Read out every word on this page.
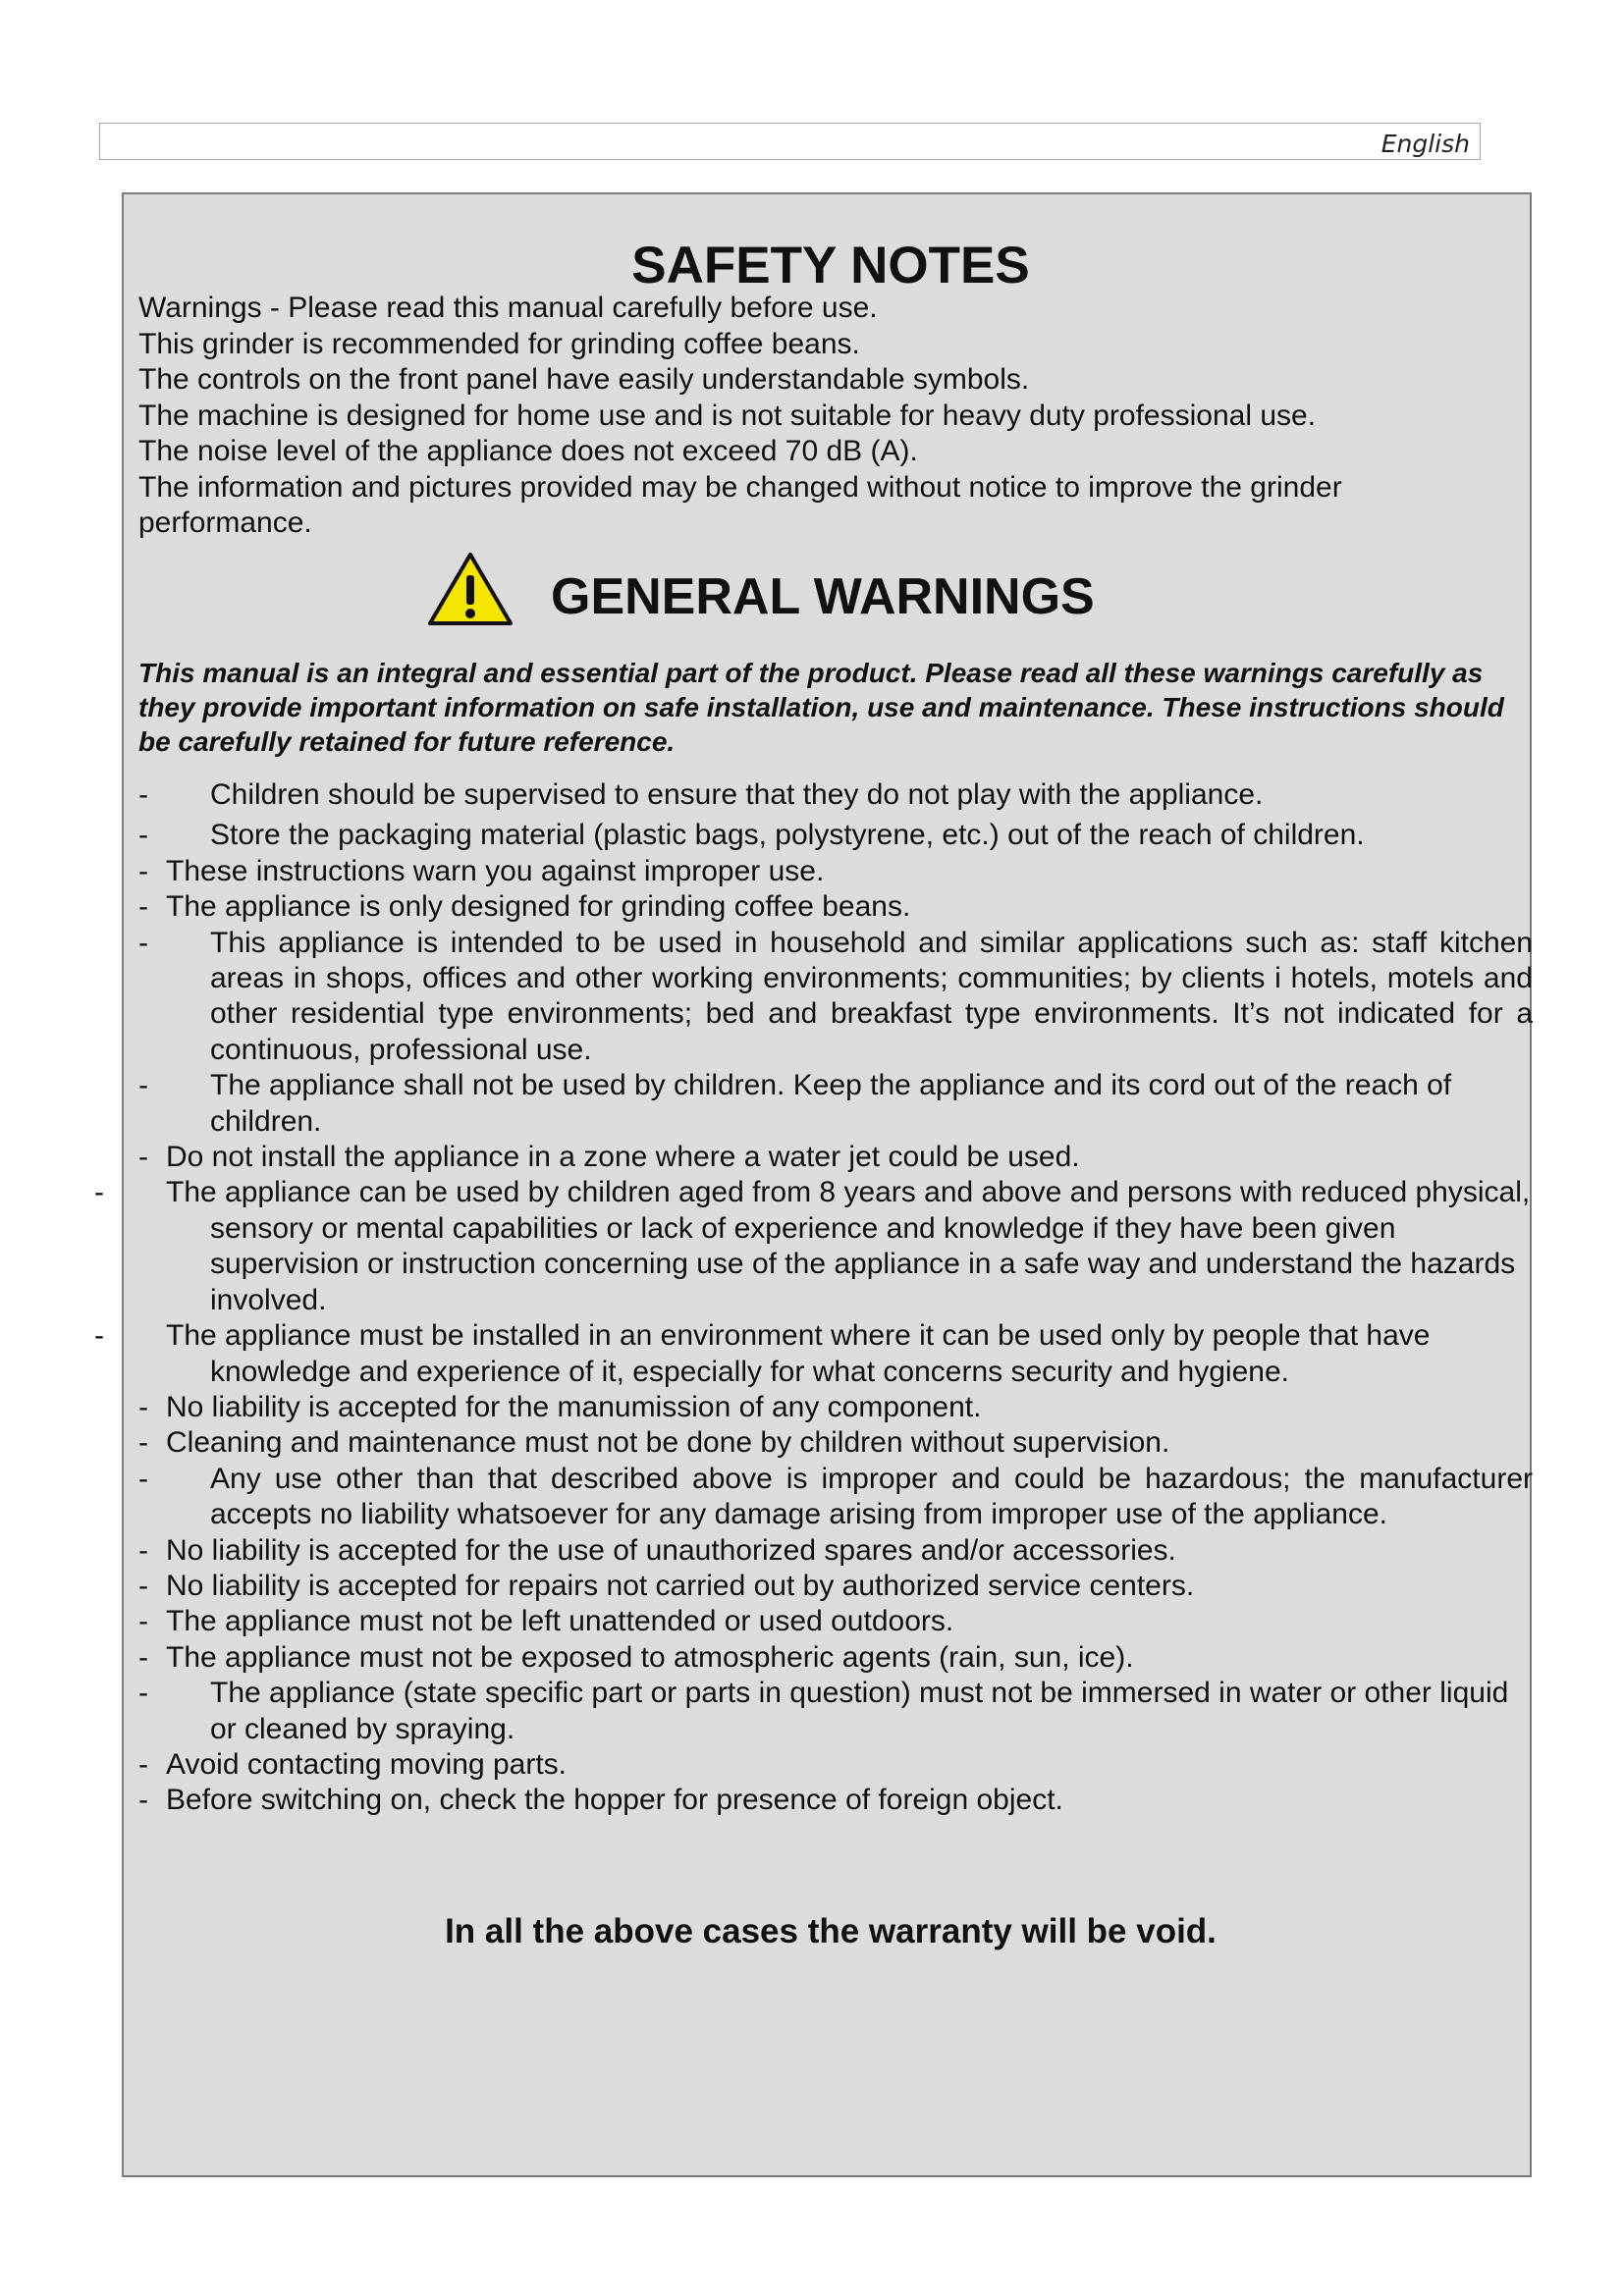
English
SAFETY NOTES

Warnings - Please read this manual carefully before use.

This grinder is recommended for grinding coffee beans.

The controls on the front panel have easily understandable symbols.

The machine is designed for home use and is not suitable for heavy duty professional use.

The noise level of the appliance does not exceed 70 dB (A).

The information and pictures provided may be changed without notice to improve the grinder performance.

GENERAL WARNINGS

This manual is an integral and essential part of the product. Please read all these warnings carefully as they provide important information on safe installation, use and maintenance. These instructions should be carefully retained for future reference.

- Children should be supervised to ensure that they do not play with the appliance.
- Store the packaging material (plastic bags, polystyrene, etc.) out of the reach of children.
- These instructions warn you against improper use.
- The appliance is only designed for grinding coffee beans.
- This appliance is intended to be used in household and similar applications such as: staff kitchen areas in shops, offices and other working environments; communities; by clients i hotels, motels and other residential type environments; bed and breakfast type environments. It’s not indicated for a continuous, professional use.
- The appliance shall not be used by children. Keep the appliance and its cord out of the reach of children.
- Do not install the appliance in a zone where a water jet could be used.
-	The appliance can be used by children aged from 8 years and above and persons with reduced physical, sensory or mental capabilities or lack of experience and knowledge if they have been given supervision or instruction concerning use of the appliance in a safe way and understand the hazards involved.
-	The appliance must be installed in an environment where it can be used only by people that have knowledge and experience of it, especially for what concerns security and hygiene.
- No liability is accepted for the manumission of any component.
- Cleaning and maintenance must not be done by children without supervision.
- Any use other than that described above is improper and could be hazardous; the manufacturer accepts no liability whatsoever for any damage arising from improper use of the appliance.
- No liability is accepted for the use of unauthorized spares and/or accessories.
- No liability is accepted for repairs not carried out by authorized service centers.
- The appliance must not be left unattended or used outdoors.
- The appliance must not be exposed to atmospheric agents (rain, sun, ice).
- The appliance (state specific part or parts in question) must not be immersed in water or other liquid or cleaned by spraying.
- Avoid contacting moving parts.
- Before switching on, check the hopper for presence of foreign object.
In all the above cases the warranty will be void.
